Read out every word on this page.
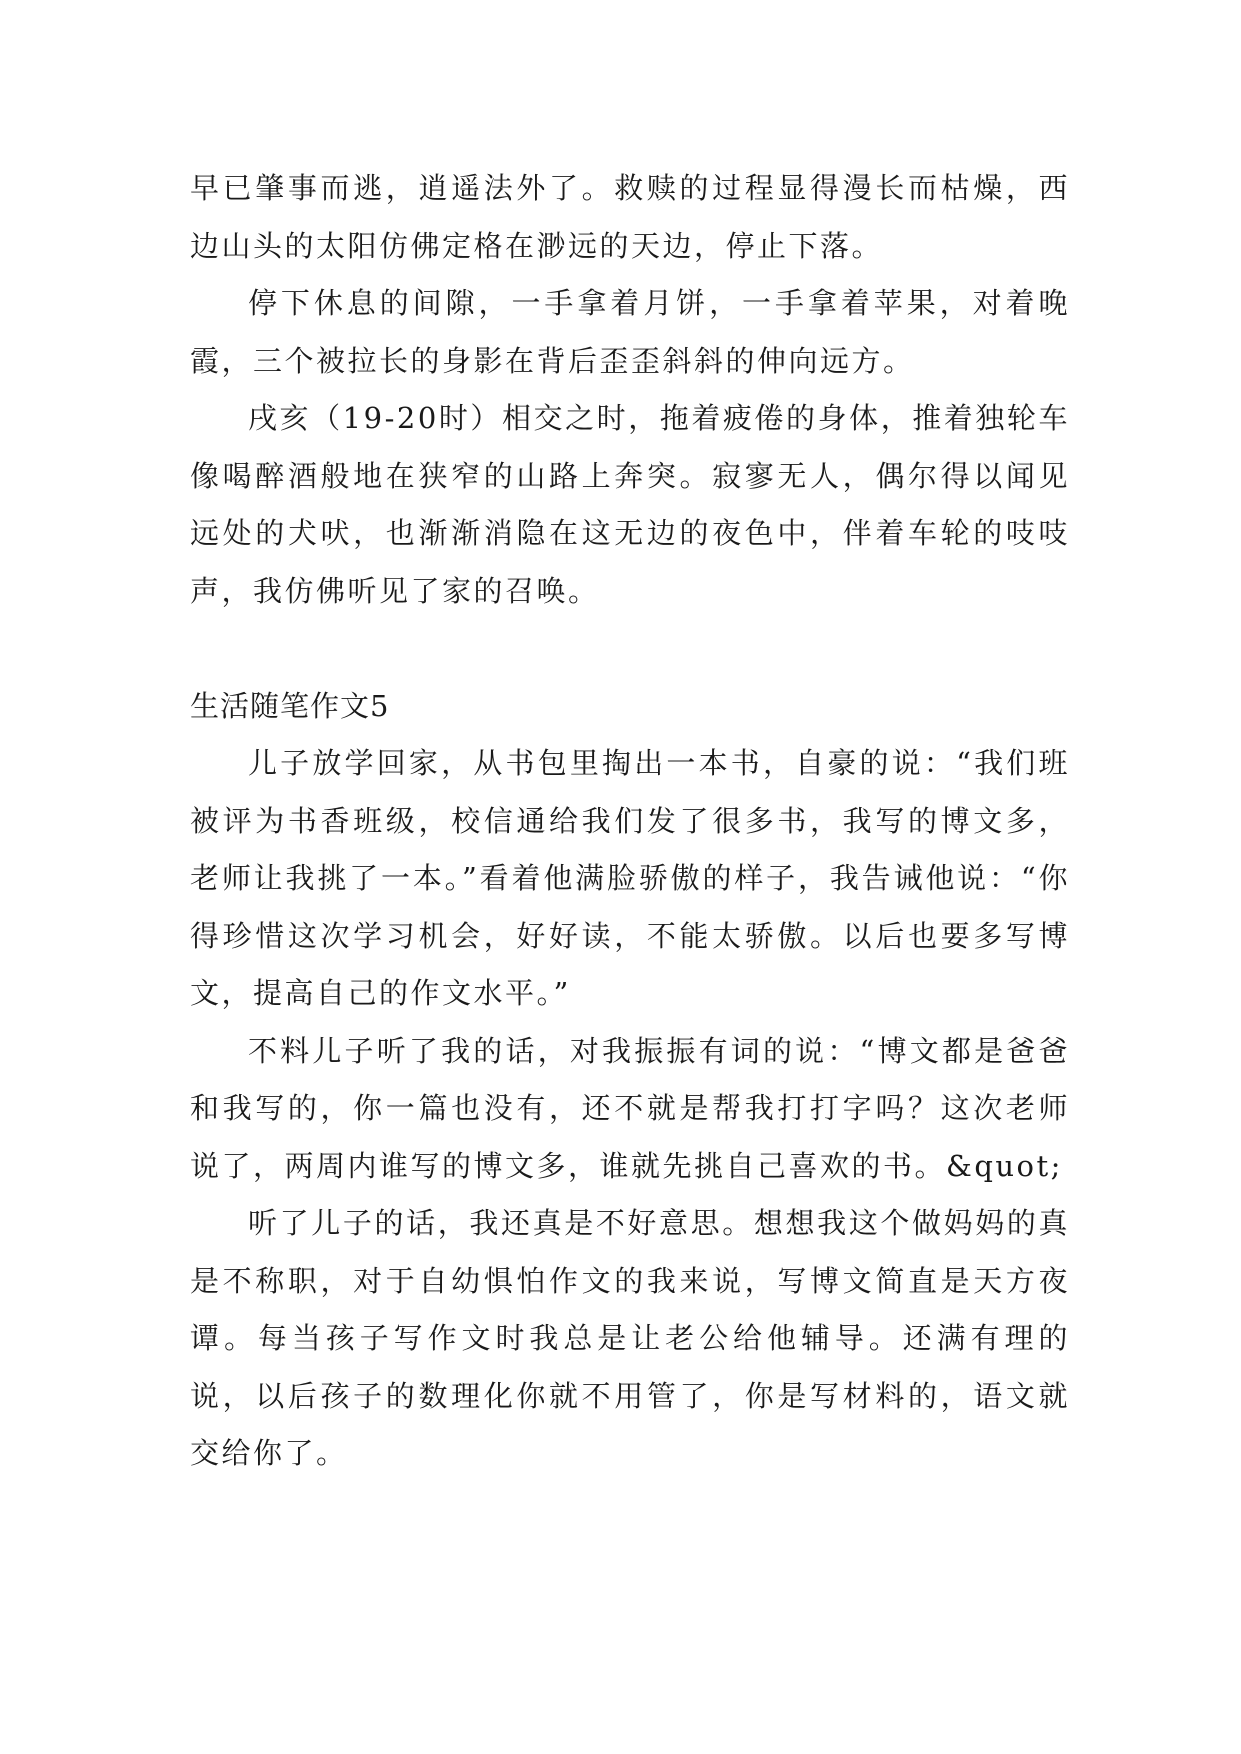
早已肇事而逃，逍遥法外了。救赎的过程显得漫长而枯燥，西边山头的太阳仿佛定格在渺远的天边，停止下落。

停下休息的间隙，一手拿着月饼，一手拿着苹果，对着晚霞，三个被拉长的身影在背后歪歪斜斜的伸向远方。

戌亥（19-20时）相交之时，拖着疲倦的身体，推着独轮车像喝醉酒般地在狭窄的山路上奔突。寂寥无人，偶尔得以闻见远处的犬吠，也渐渐消隐在这无边的夜色中，伴着车轮的吱吱声，我仿佛听见了家的召唤。

生活随笔作文5

儿子放学回家，从书包里掏出一本书，自豪的说：“我们班被评为书香班级，校信通给我们发了很多书，我写的博文多，老师让我挑了一本。”看着他满脸骄傲的样子，我告诫他说：“你得珍惜这次学习机会，好好读，不能太骄傲。以后也要多写博文，提高自己的作文水平。”

不料儿子听了我的话，对我振振有词的说：“博文都是爸爸和我写的，你一篇也没有，还不就是帮我打打字吗？这次老师说了，两周内谁写的博文多，谁就先挑自己喜欢的书。&quot;

听了儿子的话，我还真是不好意思。想想我这个做妈妈的真是不称职，对于自幼惧怕作文的我来说，写博文简直是天方夜谭。每当孩子写作文时我总是让老公给他辅导。还满有理的说，以后孩子的数理化你就不用管了，你是写材料的，语文就交给你了。
